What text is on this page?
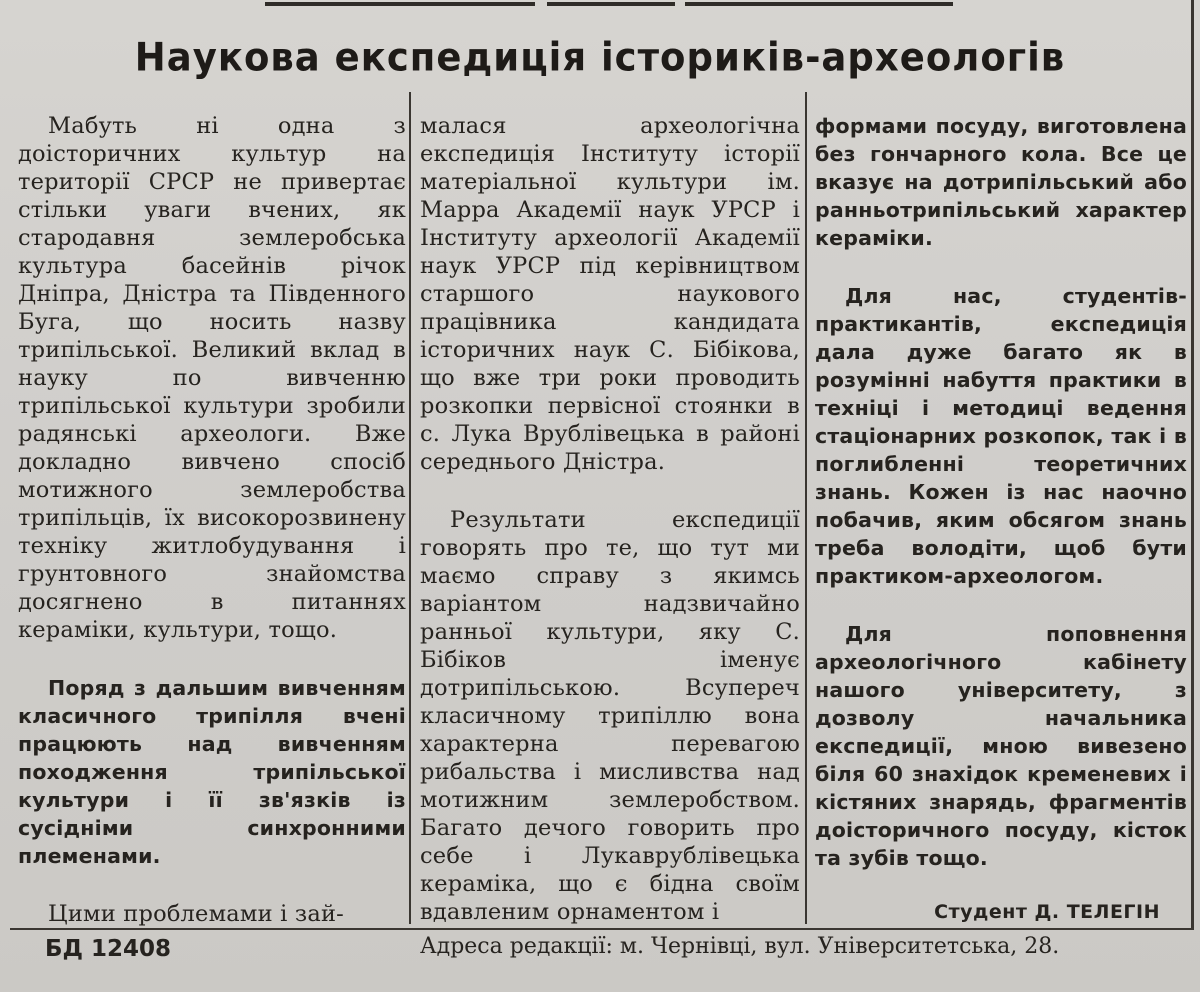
Наукова експедиція істориків-археологів

Мабуть ні одна з доісторичних культур на території СРСР не привертає стільки уваги вчених, як стародавня землеробська культура басейнів річок Дніпра, Дністра та Південного Буга, що носить назву трипільської. Великий вклад в науку по вивченню трипільської культури зробили радянські археологи. Вже докладно вивчено спосіб мотижного землеробства трипільців, їх високорозвинену техніку житлобудування і грунтовного знайомства досягнено в питаннях кераміки, культури, тощо.

Поряд з дальшим вивченням класичного трипілля вчені працюють над вивченням походження трипільської культури і її зв'язків із сусідніми синхронними племенами.

Цими проблемами і зай-

малася археологічна експедиція Інституту історії матеріальної культури ім. Марра Академії наук УРСР і Інституту археології Академії наук УРСР під керівництвом старшого наукового працівника кандидата історичних наук С. Бібікова, що вже три роки проводить розкопки первісної стоянки в с. Лука Врублівецька в районі середнього Дністра.

Результати експедиції говорять про те, що тут ми маємо справу з якимсь варіантом надзвичайно ранньої культури, яку С. Бібіков іменує дотрипільською. Всупереч класичному трипіллю вона характерна перевагою рибальства і мисливства над мотижним землеробством. Багато дечого говорить про себе і Лукаврублівецька кераміка, що є бідна своїм вдавленим орнаментом і

формами посуду, виготовлена без гончарного кола. Все це вказує на дотрипільський або ранньотрипільський характер кераміки.

Для нас, студентів-практикантів, експедиція дала дуже багато як в розумінні набуття практики в техніці і методиці ведення стаціонарних розкопок, так і в поглибленні теоретичних знань. Кожен із нас наочно побачив, яким обсягом знань треба володіти, щоб бути практиком-археологом.

Для поповнення археологічного кабінету нашого університету, з дозволу начальника експедиції, мною вивезено біля 60 знахідок кременевих і кістяних знарядь, фрагментів доісторичного посуду, кісток та зубів тощо.

Студент Д. ТЕЛЕГІН
БД 12408	Адреса редакції: м. Чернівці, вул. Університетська, 28.
